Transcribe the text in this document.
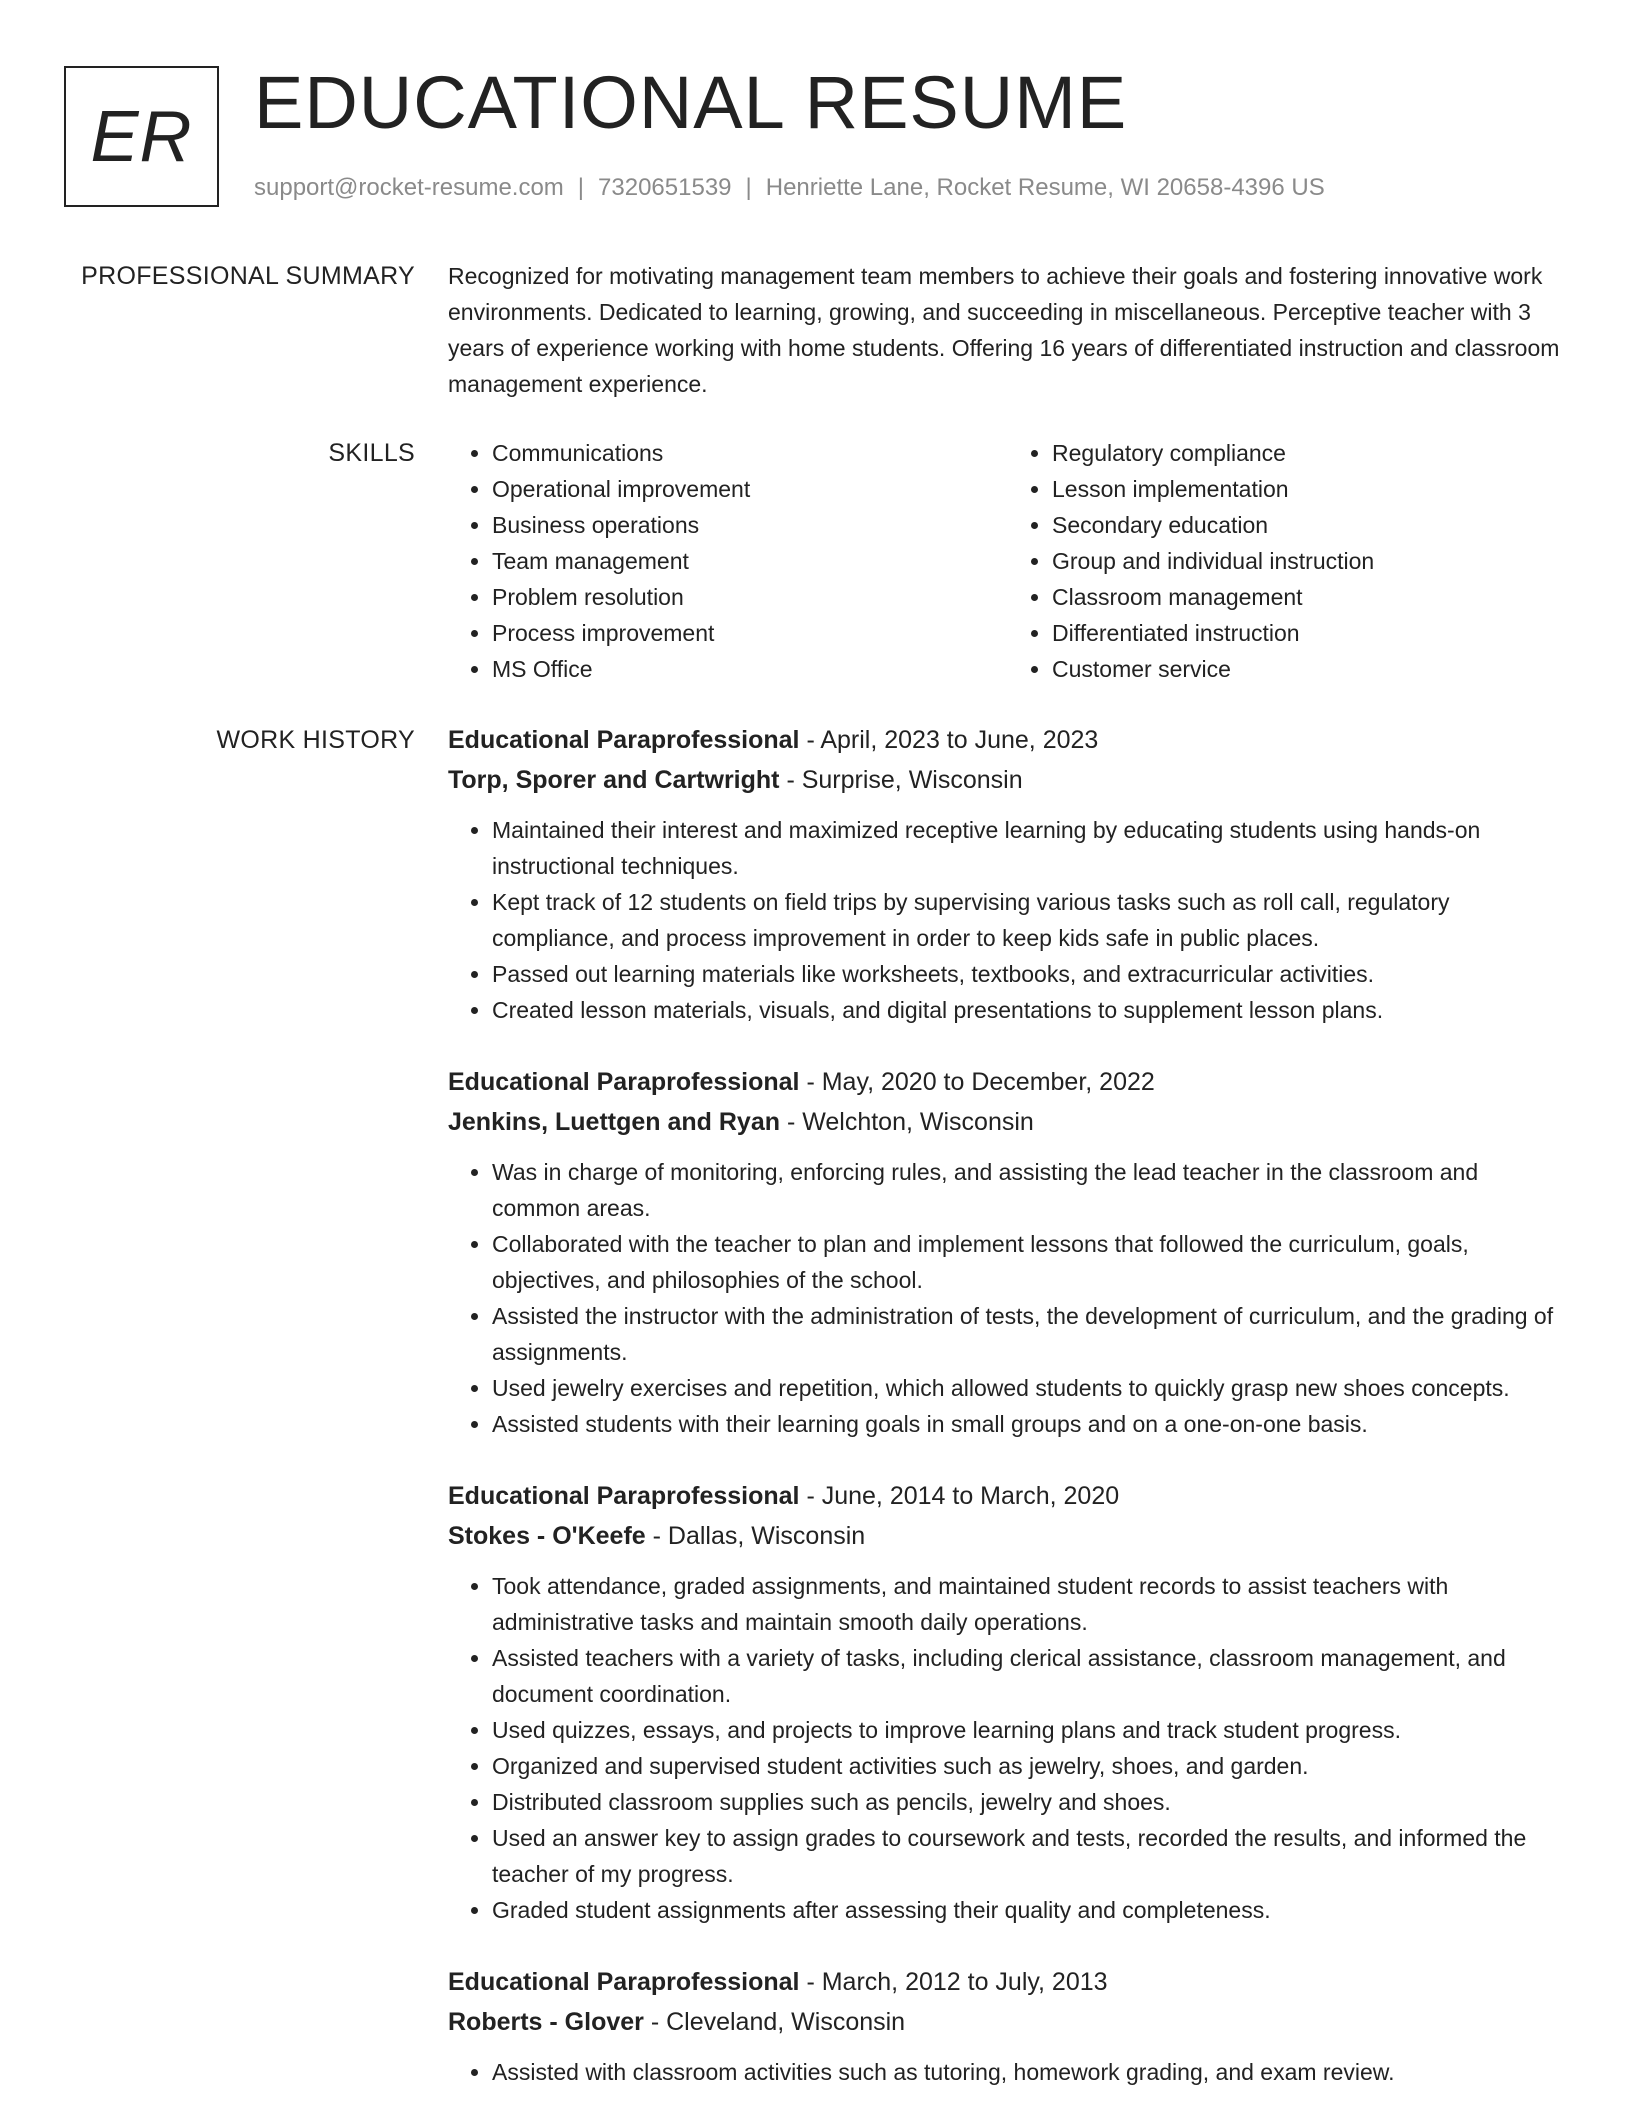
ER EDUCATIONAL RESUME
support@rocket-resume.com | 7320651539 | Henriette Lane, Rocket Resume, WI 20658-4396 US
PROFESSIONAL SUMMARY Recognized for motivating management team members to achieve their goals and fostering innovative work environments. Dedicated to learning, growing, and succeeding in miscellaneous. Perceptive teacher with 3 years of experience working with home students. Offering 16 years of differentiated instruction and classroom management experience.

SKILLS
•	Communications
• Operational improvement
• Business operations
• Team management
• Problem resolution
• Process improvement
• MS Office
• Regulatory compliance
• Lesson implementation
• Secondary education
• Group and individual instruction
• Classroom management
• Differentiated instruction
• Customer service
WORK HISTORY Educational Paraprofessional - April, 2023 to June, 2023
Torp, Sporer and Cartwright - Surprise, Wisconsin
• Maintained their interest and maximized receptive learning by educating students using hands-on instructional techniques.
• Kept track of 12 students on field trips by supervising various tasks such as roll call, regulatory compliance, and process improvement in order to keep kids safe in public places.
• Passed out learning materials like worksheets, textbooks, and extracurricular activities.
• Created lesson materials, visuals, and digital presentations to supplement lesson plans.
Educational Paraprofessional - May, 2020 to December, 2022
Jenkins, Luettgen and Ryan - Welchton, Wisconsin
• Was in charge of monitoring, enforcing rules, and assisting the lead teacher in the classroom and common areas.
• Collaborated with the teacher to plan and implement lessons that followed the curriculum, goals, objectives, and philosophies of the school.
• Assisted the instructor with the administration of tests, the development of curriculum, and the grading of assignments.
• Used jewelry exercises and repetition, which allowed students to quickly grasp new shoes concepts.
• Assisted students with their learning goals in small groups and on a one-on-one basis.
Educational Paraprofessional - June, 2014 to March, 2020
Stokes - O'Keefe - Dallas, Wisconsin
• Took attendance, graded assignments, and maintained student records to assist teachers with administrative tasks and maintain smooth daily operations.
• Assisted teachers with a variety of tasks, including clerical assistance, classroom management, and document coordination.
• Used quizzes, essays, and projects to improve learning plans and track student progress.
• Organized and supervised student activities such as jewelry, shoes, and garden.
• Distributed classroom supplies such as pencils, jewelry and shoes.
• Used an answer key to assign grades to coursework and tests, recorded the results, and informed the teacher of my progress.
• Graded student assignments after assessing their quality and completeness.
Educational Paraprofessional - March, 2012 to July, 2013
Roberts - Glover - Cleveland, Wisconsin
• Assisted with classroom activities such as tutoring, homework grading, and exam review.
